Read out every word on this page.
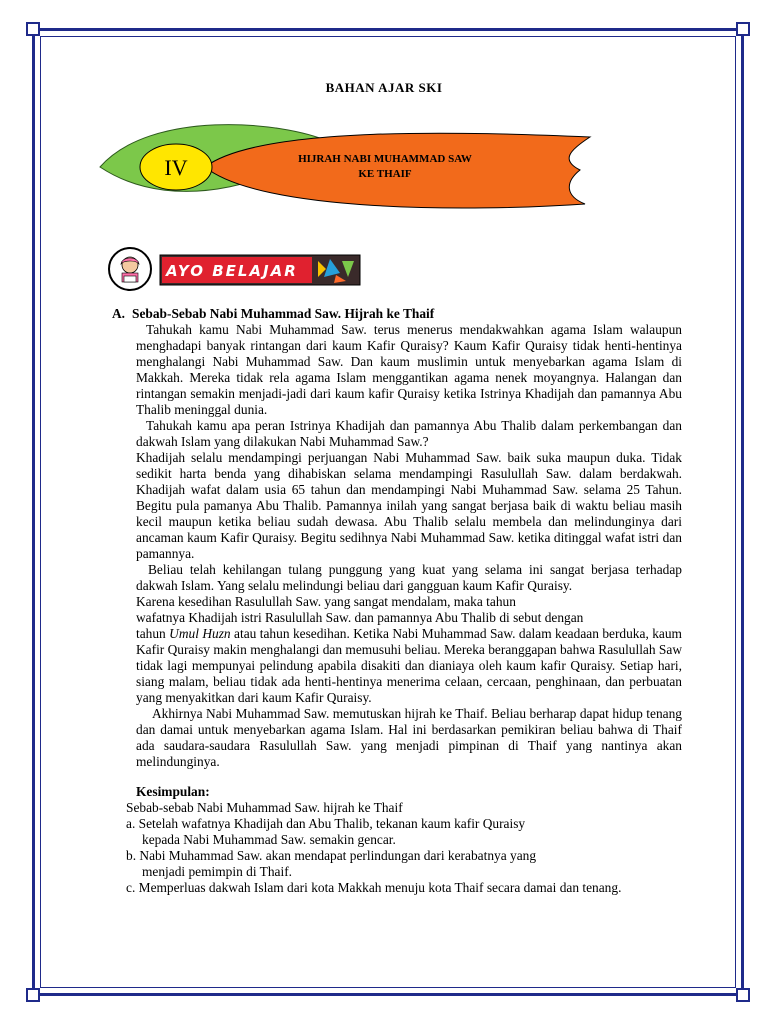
BAHAN AJAR SKI
IV	HIJRAH NABI MUHAMMAD SAW
KE THAIF
AYO BELAJAR
A. Sebab-Sebab Nabi Muhammad Saw. Hijrah ke Thaif

Tahukah kamu Nabi Muhammad Saw. terus menerus mendakwahkan agama Islam walaupun menghadapi banyak rintangan dari kaum Kafir Quraisy? Kaum Kafir Quraisy tidak henti-hentinya menghalangi Nabi Muhammad Saw. Dan kaum muslimin untuk menyebarkan agama Islam di Makkah. Mereka tidak rela agama Islam menggantikan agama nenek moyangnya. Halangan dan rintangan semakin menjadi-jadi dari kaum kafir Quraisy ketika Istrinya Khadijah dan pamannya Abu Thalib meninggal dunia.

Tahukah kamu apa peran Istrinya Khadijah dan pamannya Abu Thalib dalam perkembangan dan dakwah Islam yang dilakukan Nabi Muhammad Saw.?

Khadijah selalu mendampingi perjuangan Nabi Muhammad Saw. baik suka maupun duka. Tidak sedikit harta benda yang dihabiskan selama mendampingi Rasulullah Saw. dalam berdakwah. Khadijah wafat dalam usia 65 tahun dan mendampingi Nabi Muhammad Saw. selama 25 Tahun. Begitu pula pamanya Abu Thalib. Pamannya inilah yang sangat berjasa baik di waktu beliau masih kecil maupun ketika beliau sudah dewasa. Abu Thalib selalu membela dan melindunginya dari ancaman kaum Kafir Quraisy. Begitu sedihnya Nabi Muhammad Saw. ketika ditinggal wafat istri dan pamannya.

Beliau telah kehilangan tulang punggung yang kuat yang selama ini sangat berjasa terhadap dakwah Islam. Yang selalu melindungi beliau dari gangguan kaum Kafir Quraisy.

Karena kesedihan Rasulullah Saw. yang sangat mendalam, maka tahun
wafatnya Khadijah istri Rasulullah Saw. dan pamannya Abu Thalib di sebut dengan

tahun Umul Huzn atau tahun kesedihan. Ketika Nabi Muhammad Saw. dalam keadaan berduka, kaum Kafir Quraisy makin menghalangi dan memusuhi beliau. Mereka beranggapan bahwa Rasulullah Saw tidak lagi mempunyai pelindung apabila disakiti dan dianiaya oleh kaum kafir Quraisy. Setiap hari, siang malam, beliau tidak ada henti-hentinya menerima celaan, cercaan, penghinaan, dan perbuatan yang menyakitkan dari kaum Kafir Quraisy.

Akhirnya Nabi Muhammad Saw. memutuskan hijrah ke Thaif. Beliau berharap dapat hidup tenang dan damai untuk menyebarkan agama Islam. Hal ini berdasarkan pemikiran beliau bahwa di Thaif ada saudara-saudara Rasulullah Saw. yang menjadi pimpinan di Thaif yang nantinya akan melindunginya.

Kesimpulan:
Sebab-sebab Nabi Muhammad Saw. hijrah ke Thaif
a. Setelah wafatnya Khadijah dan Abu Thalib, tekanan kaum kafir Quraisy
kepada Nabi Muhammad Saw. semakin gencar.
b. Nabi Muhammad Saw. akan mendapat perlindungan dari kerabatnya yang
menjadi pemimpin di Thaif.
c. Memperluas dakwah Islam dari kota Makkah menuju kota Thaif secara damai dan tenang.
